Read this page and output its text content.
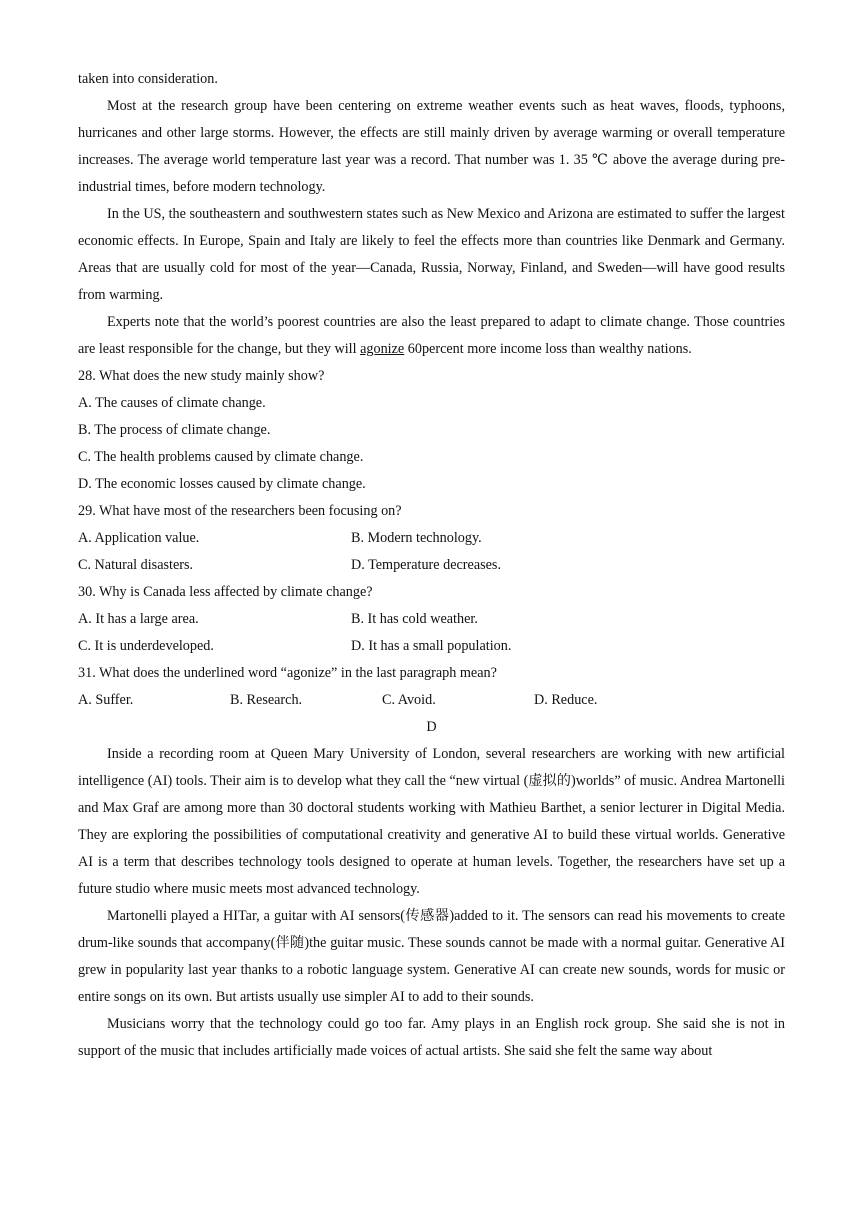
taken into consideration.

Most at the research group have been centering on extreme weather events such as heat waves, floods, typhoons, hurricanes and other large storms. However, the effects are still mainly driven by average warming or overall temperature increases. The average world temperature last year was a record. That number was 1. 35 ℃ above the average during pre-industrial times, before modern technology.

In the US, the southeastern and southwestern states such as New Mexico and Arizona are estimated to suffer the largest economic effects. In Europe, Spain and Italy are likely to feel the effects more than countries like Denmark and Germany. Areas that are usually cold for most of the year—Canada, Russia, Norway, Finland, and Sweden—will have good results from warming.

Experts note that the world’s poorest countries are also the least prepared to adapt to climate change. Those countries are least responsible for the change, but they will agonize 60percent more income loss than wealthy nations.

28. What does the new study mainly show?

A. The causes of climate change.

B. The process of climate change.

C. The health problems caused by climate change.

D. The economic losses caused by climate change.

29. What have most of the researchers been focusing on?

A. Application value.	B. Modern technology.
C. Natural disasters.	D. Temperature decreases.

30. Why is Canada less affected by climate change?

A. It has a large area.	B. It has cold weather.
C. It is underdeveloped.	D. It has a small population.

31. What does the underlined word “agonize” in the last paragraph mean?

A. Suffer.	B. Research.	C. Avoid.	D. Reduce.

D

Inside a recording room at Queen Mary University of London, several researchers are working with new artificial intelligence (AI) tools. Their aim is to develop what they call the “new virtual (虚拟的)worlds” of music. Andrea Martonelli and Max Graf are among more than 30 doctoral students working with Mathieu Barthet, a senior lecturer in Digital Media. They are exploring the possibilities of computational creativity and generative AI to build these virtual worlds. Generative AI is a term that describes technology tools designed to operate at human levels. Together, the researchers have set up a future studio where music meets most advanced technology.

Martonelli played a HITar, a guitar with AI sensors(传感器)added to it. The sensors can read his movements to create drum-like sounds that accompany(伴随)the guitar music. These sounds cannot be made with a normal guitar. Generative AI grew in popularity last year thanks to a robotic language system. Generative AI can create new sounds, words for music or entire songs on its own. But artists usually use simpler AI to add to their sounds.

Musicians worry that the technology could go too far. Amy plays in an English rock group. She said she is not in support of the music that includes artificially made voices of actual artists. She said she felt the same way about
